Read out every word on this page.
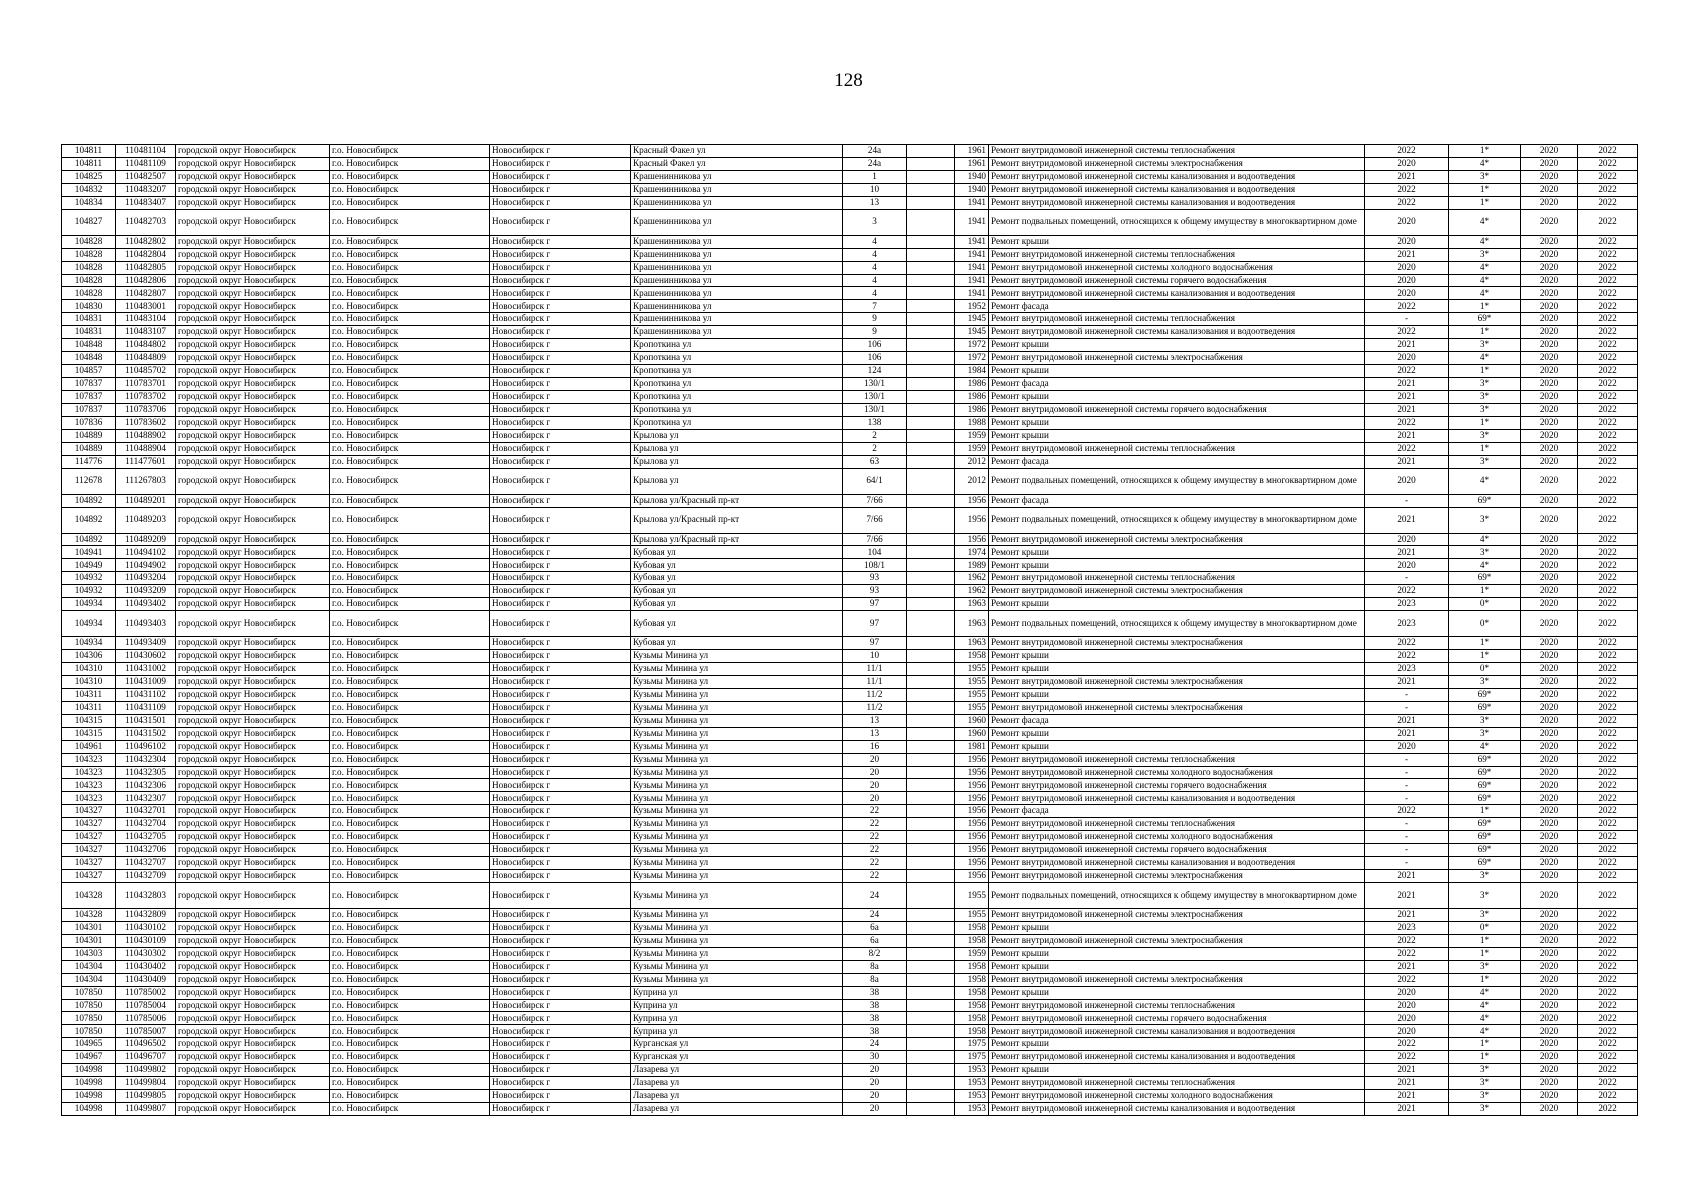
128
104811	110481104	городской округ Новосибирск	г.о. Новосибирск	Новосибирск г	Красный Факел ул	24а		1961	Ремонт внутридомовой инженерной системы теплоснабжения	2022	1*	2020	2022
104811	110481109	городской округ Новосибирск	г.о. Новосибирск	Новосибирск г	Красный Факел ул	24а		1961	Ремонт внутридомовой инженерной системы электроснабжения	2020	4*	2020	2022
104825	110482507	городской округ Новосибирск	г.о. Новосибирск	Новосибирск г	Крашенинникова ул	1		1940	Ремонт внутридомовой инженерной системы канализования и водоотведения	2021	3*	2020	2022
104832	110483207	городской округ Новосибирск	г.о. Новосибирск	Новосибирск г	Крашенинникова ул	10		1940	Ремонт внутридомовой инженерной системы канализования и водоотведения	2022	1*	2020	2022
104834	110483407	городской округ Новосибирск	г.о. Новосибирск	Новосибирск г	Крашенинникова ул	13		1941	Ремонт внутридомовой инженерной системы канализования и водоотведения	2022	1*	2020	2022
104827	110482703	городской округ Новосибирск	г.о. Новосибирск	Новосибирск г	Крашенинникова ул	3		1941	Ремонт подвальных помещений, относящихся к общему имуществу в многоквартирном доме	2020	4*	2020	2022
104828	110482802	городской округ Новосибирск	г.о. Новосибирск	Новосибирск г	Крашенинникова ул	4		1941	Ремонт крыши	2020	4*	2020	2022
104828	110482804	городской округ Новосибирск	г.о. Новосибирск	Новосибирск г	Крашенинникова ул	4		1941	Ремонт внутридомовой инженерной системы теплоснабжения	2021	3*	2020	2022
104828	110482805	городской округ Новосибирск	г.о. Новосибирск	Новосибирск г	Крашенинникова ул	4		1941	Ремонт внутридомовой инженерной системы холодного водоснабжения	2020	4*	2020	2022
104828	110482806	городской округ Новосибирск	г.о. Новосибирск	Новосибирск г	Крашенинникова ул	4		1941	Ремонт внутридомовой инженерной системы горячего водоснабжения	2020	4*	2020	2022
104828	110482807	городской округ Новосибирск	г.о. Новосибирск	Новосибирск г	Крашенинникова ул	4		1941	Ремонт внутридомовой инженерной системы канализования и водоотведения	2020	4*	2020	2022
104830	110483001	городской округ Новосибирск	г.о. Новосибирск	Новосибирск г	Крашенинникова ул	7		1952	Ремонт фасада	2022	1*	2020	2022
104831	110483104	городской округ Новосибирск	г.о. Новосибирск	Новосибирск г	Крашенинникова ул	9		1945	Ремонт внутридомовой инженерной системы теплоснабжения	-	69*	2020	2022
104831	110483107	городской округ Новосибирск	г.о. Новосибирск	Новосибирск г	Крашенинникова ул	9		1945	Ремонт внутридомовой инженерной системы канализования и водоотведения	2022	1*	2020	2022
104848	110484802	городской округ Новосибирск	г.о. Новосибирск	Новосибирск г	Кропоткина ул	106		1972	Ремонт крыши	2021	3*	2020	2022
104848	110484809	городской округ Новосибирск	г.о. Новосибирск	Новосибирск г	Кропоткина ул	106		1972	Ремонт внутридомовой инженерной системы электроснабжения	2020	4*	2020	2022
104857	110485702	городской округ Новосибирск	г.о. Новосибирск	Новосибирск г	Кропоткина ул	124		1984	Ремонт крыши	2022	1*	2020	2022
107837	110783701	городской округ Новосибирск	г.о. Новосибирск	Новосибирск г	Кропоткина ул	130/1		1986	Ремонт фасада	2021	3*	2020	2022
107837	110783702	городской округ Новосибирск	г.о. Новосибирск	Новосибирск г	Кропоткина ул	130/1		1986	Ремонт крыши	2021	3*	2020	2022
107837	110783706	городской округ Новосибирск	г.о. Новосибирск	Новосибирск г	Кропоткина ул	130/1		1986	Ремонт внутридомовой инженерной системы горячего водоснабжения	2021	3*	2020	2022
107836	110783602	городской округ Новосибирск	г.о. Новосибирск	Новосибирск г	Кропоткина ул	138		1988	Ремонт крыши	2022	1*	2020	2022
104889	110488902	городской округ Новосибирск	г.о. Новосибирск	Новосибирск г	Крылова ул	2		1959	Ремонт крыши	2021	3*	2020	2022
104889	110488904	городской округ Новосибирск	г.о. Новосибирск	Новосибирск г	Крылова ул	2		1959	Ремонт внутридомовой инженерной системы теплоснабжения	2022	1*	2020	2022
114776	111477601	городской округ Новосибирск	г.о. Новосибирск	Новосибирск г	Крылова ул	63		2012	Ремонт фасада	2021	3*	2020	2022
112678	111267803	городской округ Новосибирск	г.о. Новосибирск	Новосибирск г	Крылова ул	64/1		2012	Ремонт подвальных помещений, относящихся к общему имуществу в многоквартирном доме	2020	4*	2020	2022
104892	110489201	городской округ Новосибирск	г.о. Новосибирск	Новосибирск г	Крылова ул/Красный пр-кт	7/66		1956	Ремонт фасада	-	69*	2020	2022
104892	110489203	городской округ Новосибирск	г.о. Новосибирск	Новосибирск г	Крылова ул/Красный пр-кт	7/66		1956	Ремонт подвальных помещений, относящихся к общему имуществу в многоквартирном доме	2021	3*	2020	2022
104892	110489209	городской округ Новосибирск	г.о. Новосибирск	Новосибирск г	Крылова ул/Красный пр-кт	7/66		1956	Ремонт внутридомовой инженерной системы электроснабжения	2020	4*	2020	2022
104941	110494102	городской округ Новосибирск	г.о. Новосибирск	Новосибирск г	Кубовая ул	104		1974	Ремонт крыши	2021	3*	2020	2022
104949	110494902	городской округ Новосибирск	г.о. Новосибирск	Новосибирск г	Кубовая ул	108/1		1989	Ремонт крыши	2020	4*	2020	2022
104932	110493204	городской округ Новосибирск	г.о. Новосибирск	Новосибирск г	Кубовая ул	93		1962	Ремонт внутридомовой инженерной системы теплоснабжения	-	69*	2020	2022
104932	110493209	городской округ Новосибирск	г.о. Новосибирск	Новосибирск г	Кубовая ул	93		1962	Ремонт внутридомовой инженерной системы электроснабжения	2022	1*	2020	2022
104934	110493402	городской округ Новосибирск	г.о. Новосибирск	Новосибирск г	Кубовая ул	97		1963	Ремонт крыши	2023	0*	2020	2022
104934	110493403	городской округ Новосибирск	г.о. Новосибирск	Новосибирск г	Кубовая ул	97		1963	Ремонт подвальных помещений, относящихся к общему имуществу в многоквартирном доме	2023	0*	2020	2022
104934	110493409	городской округ Новосибирск	г.о. Новосибирск	Новосибирск г	Кубовая ул	97		1963	Ремонт внутридомовой инженерной системы электроснабжения	2022	1*	2020	2022
104306	110430602	городской округ Новосибирск	г.о. Новосибирск	Новосибирск г	Кузьмы Минина ул	10		1958	Ремонт крыши	2022	1*	2020	2022
104310	110431002	городской округ Новосибирск	г.о. Новосибирск	Новосибирск г	Кузьмы Минина ул	11/1		1955	Ремонт крыши	2023	0*	2020	2022
104310	110431009	городской округ Новосибирск	г.о. Новосибирск	Новосибирск г	Кузьмы Минина ул	11/1		1955	Ремонт внутридомовой инженерной системы электроснабжения	2021	3*	2020	2022
104311	110431102	городской округ Новосибирск	г.о. Новосибирск	Новосибирск г	Кузьмы Минина ул	11/2		1955	Ремонт крыши	-	69*	2020	2022
104311	110431109	городской округ Новосибирск	г.о. Новосибирск	Новосибирск г	Кузьмы Минина ул	11/2		1955	Ремонт внутридомовой инженерной системы электроснабжения	-	69*	2020	2022
104315	110431501	городской округ Новосибирск	г.о. Новосибирск	Новосибирск г	Кузьмы Минина ул	13		1960	Ремонт фасада	2021	3*	2020	2022
104315	110431502	городской округ Новосибирск	г.о. Новосибирск	Новосибирск г	Кузьмы Минина ул	13		1960	Ремонт крыши	2021	3*	2020	2022
104961	110496102	городской округ Новосибирск	г.о. Новосибирск	Новосибирск г	Кузьмы Минина ул	16		1981	Ремонт крыши	2020	4*	2020	2022
104323	110432304	городской округ Новосибирск	г.о. Новосибирск	Новосибирск г	Кузьмы Минина ул	20		1956	Ремонт внутридомовой инженерной системы теплоснабжения	-	69*	2020	2022
104323	110432305	городской округ Новосибирск	г.о. Новосибирск	Новосибирск г	Кузьмы Минина ул	20		1956	Ремонт внутридомовой инженерной системы холодного водоснабжения	-	69*	2020	2022
104323	110432306	городской округ Новосибирск	г.о. Новосибирск	Новосибирск г	Кузьмы Минина ул	20		1956	Ремонт внутридомовой инженерной системы горячего водоснабжения	-	69*	2020	2022
104323	110432307	городской округ Новосибирск	г.о. Новосибирск	Новосибирск г	Кузьмы Минина ул	20		1956	Ремонт внутридомовой инженерной системы канализования и водоотведения	-	69*	2020	2022
104327	110432701	городской округ Новосибирск	г.о. Новосибирск	Новосибирск г	Кузьмы Минина ул	22		1956	Ремонт фасада	2022	1*	2020	2022
104327	110432704	городской округ Новосибирск	г.о. Новосибирск	Новосибирск г	Кузьмы Минина ул	22		1956	Ремонт внутридомовой инженерной системы теплоснабжения	-	69*	2020	2022
104327	110432705	городской округ Новосибирск	г.о. Новосибирск	Новосибирск г	Кузьмы Минина ул	22		1956	Ремонт внутридомовой инженерной системы холодного водоснабжения	-	69*	2020	2022
104327	110432706	городской округ Новосибирск	г.о. Новосибирск	Новосибирск г	Кузьмы Минина ул	22		1956	Ремонт внутридомовой инженерной системы горячего водоснабжения	-	69*	2020	2022
104327	110432707	городской округ Новосибирск	г.о. Новосибирск	Новосибирск г	Кузьмы Минина ул	22		1956	Ремонт внутридомовой инженерной системы канализования и водоотведения	-	69*	2020	2022
104327	110432709	городской округ Новосибирск	г.о. Новосибирск	Новосибирск г	Кузьмы Минина ул	22		1956	Ремонт внутридомовой инженерной системы электроснабжения	2021	3*	2020	2022
104328	110432803	городской округ Новосибирск	г.о. Новосибирск	Новосибирск г	Кузьмы Минина ул	24		1955	Ремонт подвальных помещений, относящихся к общему имуществу в многоквартирном доме	2021	3*	2020	2022
104328	110432809	городской округ Новосибирск	г.о. Новосибирск	Новосибирск г	Кузьмы Минина ул	24		1955	Ремонт внутридомовой инженерной системы электроснабжения	2021	3*	2020	2022
104301	110430102	городской округ Новосибирск	г.о. Новосибирск	Новосибирск г	Кузьмы Минина ул	6а		1958	Ремонт крыши	2023	0*	2020	2022
104301	110430109	городской округ Новосибирск	г.о. Новосибирск	Новосибирск г	Кузьмы Минина ул	6а		1958	Ремонт внутридомовой инженерной системы электроснабжения	2022	1*	2020	2022
104303	110430302	городской округ Новосибирск	г.о. Новосибирск	Новосибирск г	Кузьмы Минина ул	8/2		1959	Ремонт крыши	2022	1*	2020	2022
104304	110430402	городской округ Новосибирск	г.о. Новосибирск	Новосибирск г	Кузьмы Минина ул	8а		1958	Ремонт крыши	2021	3*	2020	2022
104304	110430409	городской округ Новосибирск	г.о. Новосибирск	Новосибирск г	Кузьмы Минина ул	8а		1958	Ремонт внутридомовой инженерной системы электроснабжения	2022	1*	2020	2022
107850	110785002	городской округ Новосибирск	г.о. Новосибирск	Новосибирск г	Куприна ул	38		1958	Ремонт крыши	2020	4*	2020	2022
107850	110785004	городской округ Новосибирск	г.о. Новосибирск	Новосибирск г	Куприна ул	38		1958	Ремонт внутридомовой инженерной системы теплоснабжения	2020	4*	2020	2022
107850	110785006	городской округ Новосибирск	г.о. Новосибирск	Новосибирск г	Куприна ул	38		1958	Ремонт внутридомовой инженерной системы горячего водоснабжения	2020	4*	2020	2022
107850	110785007	городской округ Новосибирск	г.о. Новосибирск	Новосибирск г	Куприна ул	38		1958	Ремонт внутридомовой инженерной системы канализования и водоотведения	2020	4*	2020	2022
104965	110496502	городской округ Новосибирск	г.о. Новосибирск	Новосибирск г	Курганская ул	24		1975	Ремонт крыши	2022	1*	2020	2022
104967	110496707	городской округ Новосибирск	г.о. Новосибирск	Новосибирск г	Курганская ул	30		1975	Ремонт внутридомовой инженерной системы канализования и водоотведения	2022	1*	2020	2022
104998	110499802	городской округ Новосибирск	г.о. Новосибирск	Новосибирск г	Лазарева ул	20		1953	Ремонт крыши	2021	3*	2020	2022
104998	110499804	городской округ Новосибирск	г.о. Новосибирск	Новосибирск г	Лазарева ул	20		1953	Ремонт внутридомовой инженерной системы теплоснабжения	2021	3*	2020	2022
104998	110499805	городской округ Новосибирск	г.о. Новосибирск	Новосибирск г	Лазарева ул	20		1953	Ремонт внутридомовой инженерной системы холодного водоснабжения	2021	3*	2020	2022
104998	110499807	городской округ Новосибирск	г.о. Новосибирск	Новосибирск г	Лазарева ул	20		1953	Ремонт внутридомовой инженерной системы канализования и водоотведения	2021	3*	2020	2022
